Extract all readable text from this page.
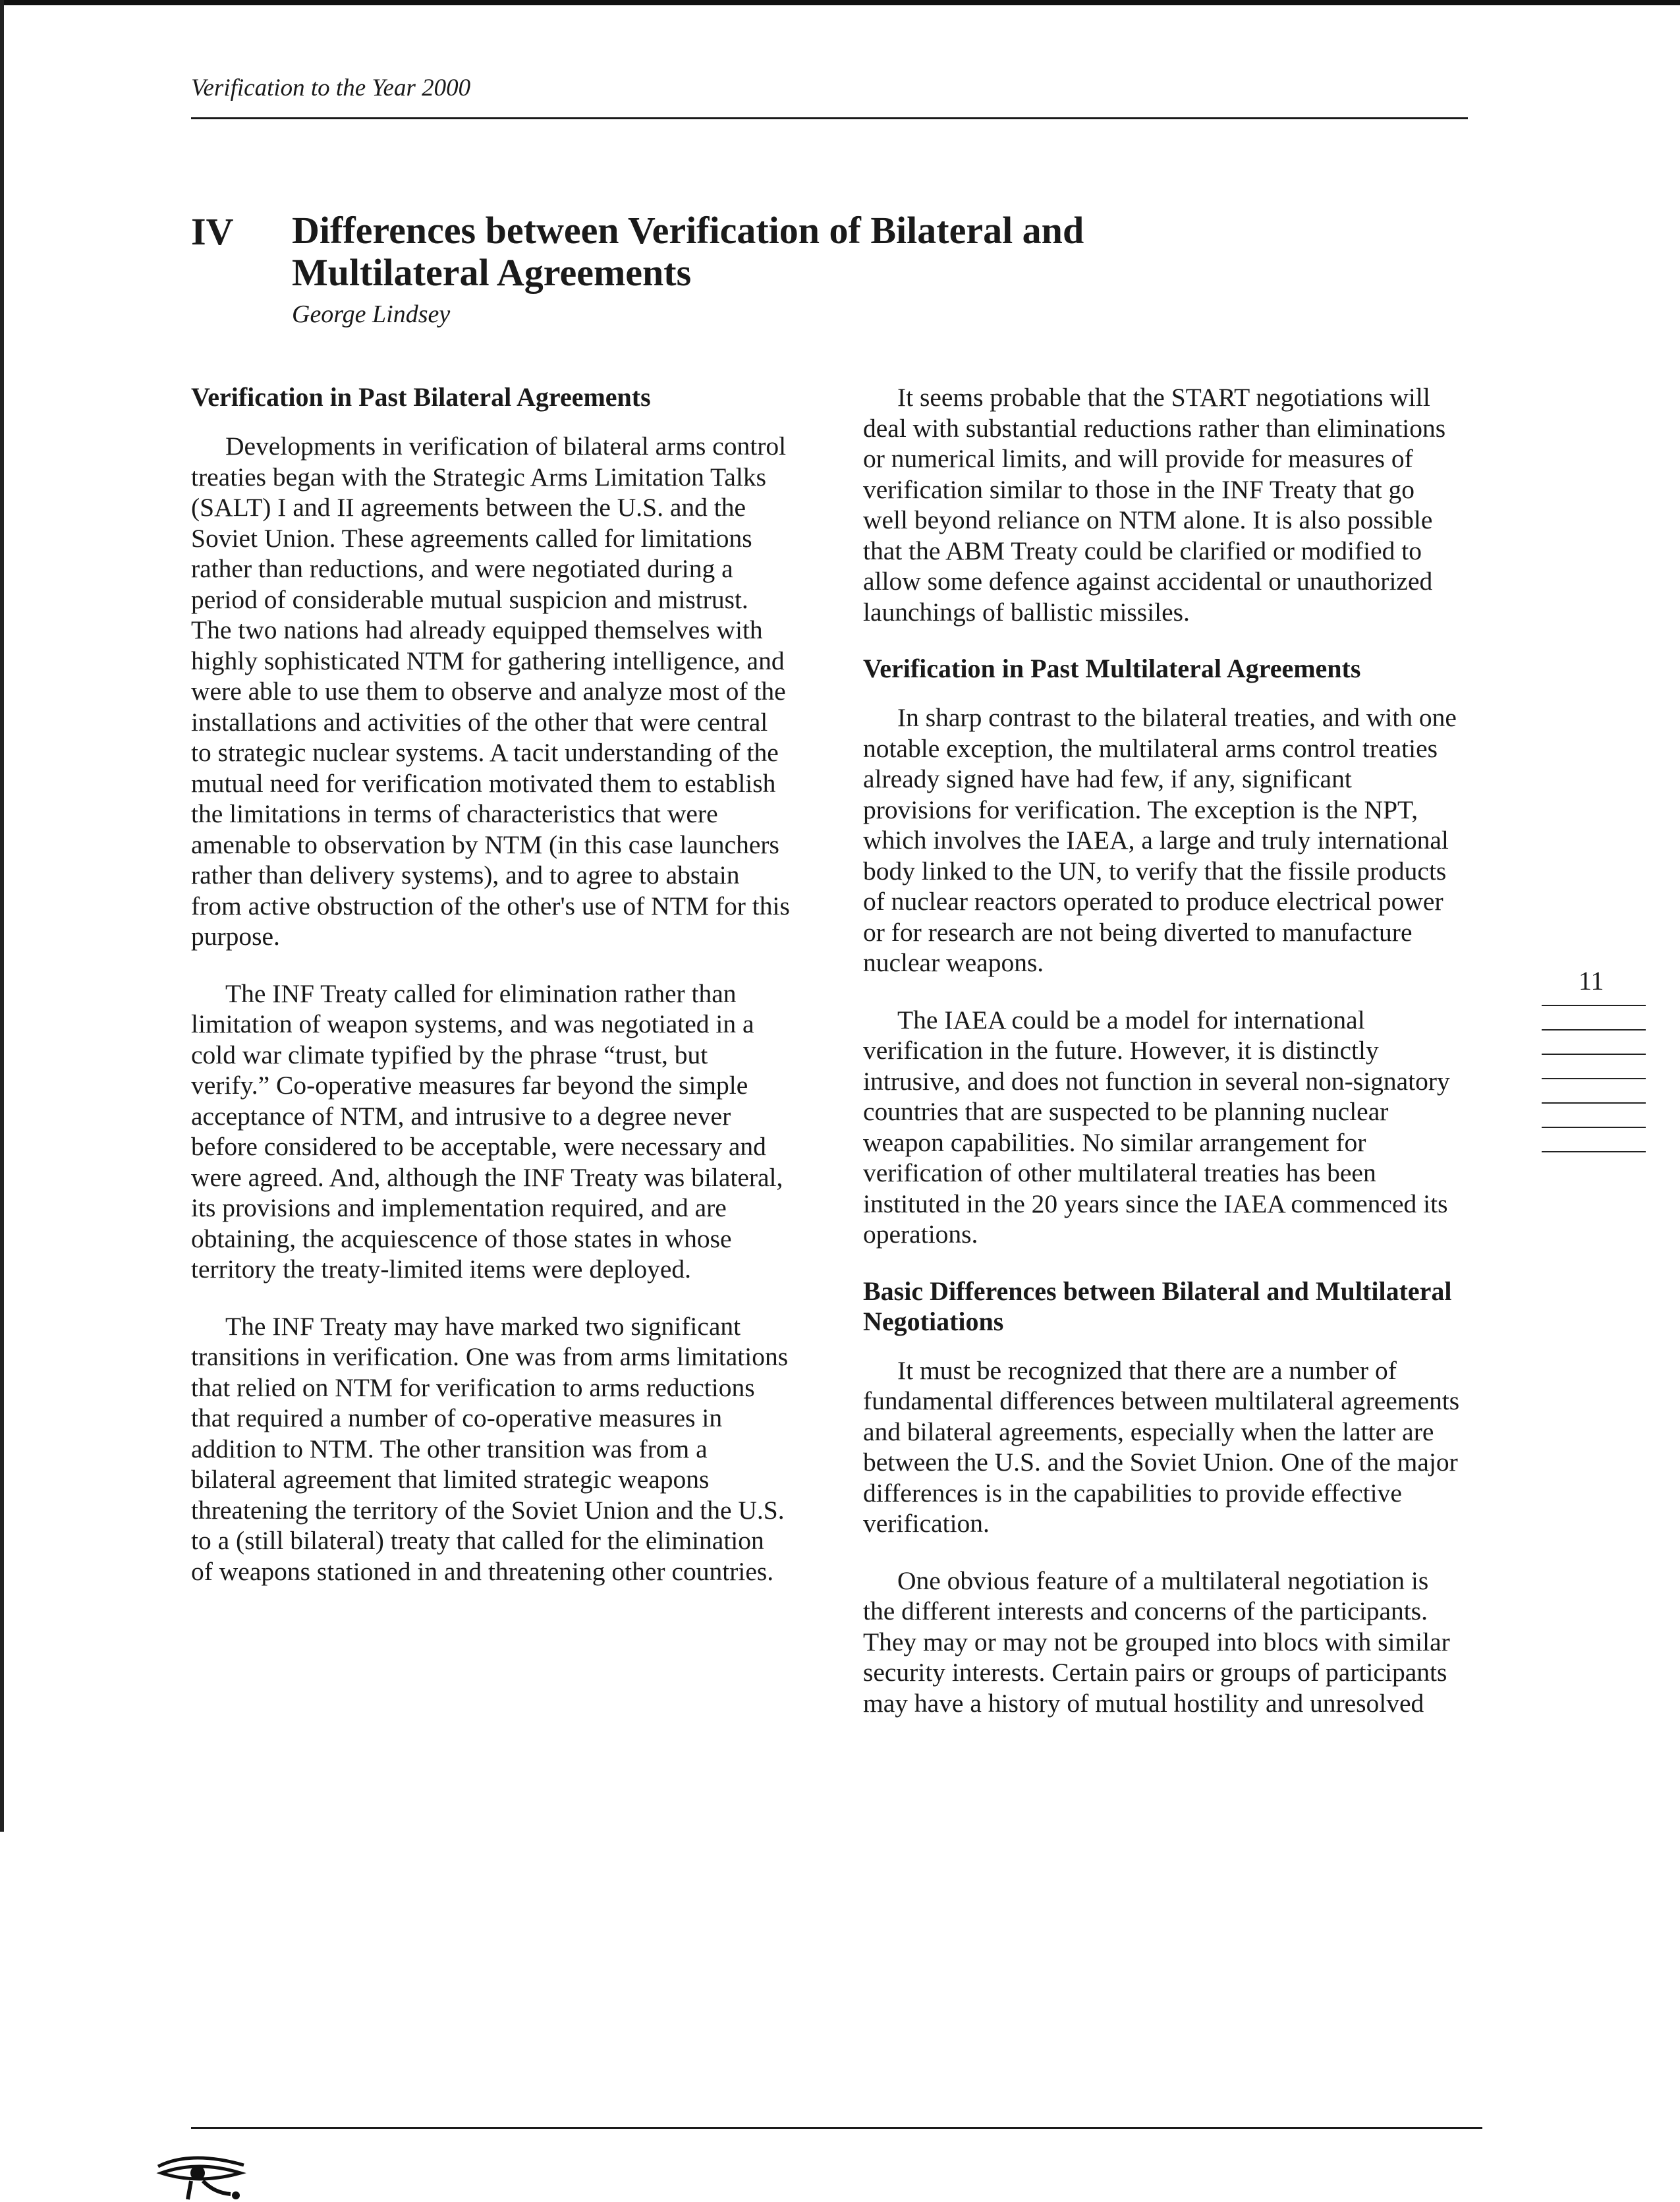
Verification to the Year 2000
IV Differences between Verification of Bilateral and Multilateral Agreements
George Lindsey
Verification in Past Bilateral Agreements

Developments in verification of bilateral arms control treaties began with the Strategic Arms Limitation Talks (SALT) I and II agreements between the U.S. and the Soviet Union. These agreements called for limitations rather than reductions, and were negotiated during a period of considerable mutual suspicion and mistrust. The two nations had already equipped themselves with highly sophisticated NTM for gathering intelligence, and were able to use them to observe and analyze most of the installations and activities of the other that were central to strategic nuclear systems. A tacit understanding of the mutual need for verification motivated them to establish the limitations in terms of characteristics that were amenable to observation by NTM (in this case launchers rather than delivery systems), and to agree to abstain from active obstruction of the other's use of NTM for this purpose.

The INF Treaty called for elimination rather than limitation of weapon systems, and was negotiated in a cold war climate typified by the phrase “trust, but verify.” Co-operative measures far beyond the simple acceptance of NTM, and intrusive to a degree never before considered to be acceptable, were necessary and were agreed. And, although the INF Treaty was bilateral, its provisions and implementation required, and are obtaining, the acquiescence of those states in whose territory the treaty-limited items were deployed.

The INF Treaty may have marked two significant transitions in verification. One was from arms limitations that relied on NTM for verification to arms reductions that required a number of co-operative measures in addition to NTM. The other transition was from a bilateral agreement that limited strategic weapons threatening the territory of the Soviet Union and the U.S. to a (still bilateral) treaty that called for the elimination of weapons stationed in and threatening other countries.

It seems probable that the START negotiations will deal with substantial reductions rather than eliminations or numerical limits, and will provide for measures of verification similar to those in the INF Treaty that go well beyond reliance on NTM alone. It is also possible that the ABM Treaty could be clarified or modified to allow some defence against accidental or unauthorized launchings of ballistic missiles.

Verification in Past Multilateral Agreements

In sharp contrast to the bilateral treaties, and with one notable exception, the multilateral arms control treaties already signed have had few, if any, significant provisions for verification. The exception is the NPT, which involves the IAEA, a large and truly international body linked to the UN, to verify that the fissile products of nuclear reactors operated to produce electrical power or for research are not being diverted to manufacture nuclear weapons.

The IAEA could be a model for international verification in the future. However, it is distinctly intrusive, and does not function in several non-signatory countries that are suspected to be planning nuclear weapon capabilities. No similar arrangement for verification of other multilateral treaties has been instituted in the 20 years since the IAEA commenced its operations.

Basic Differences between Bilateral and Multilateral Negotiations

It must be recognized that there are a number of fundamental differences between multilateral agreements and bilateral agreements, especially when the latter are between the U.S. and the Soviet Union. One of the major differences is in the capabilities to provide effective verification.

One obvious feature of a multilateral negotiation is the different interests and concerns of the participants. They may or may not be grouped into blocs with similar security interests. Certain pairs or groups of participants may have a history of mutual hostility and unresolved

11
